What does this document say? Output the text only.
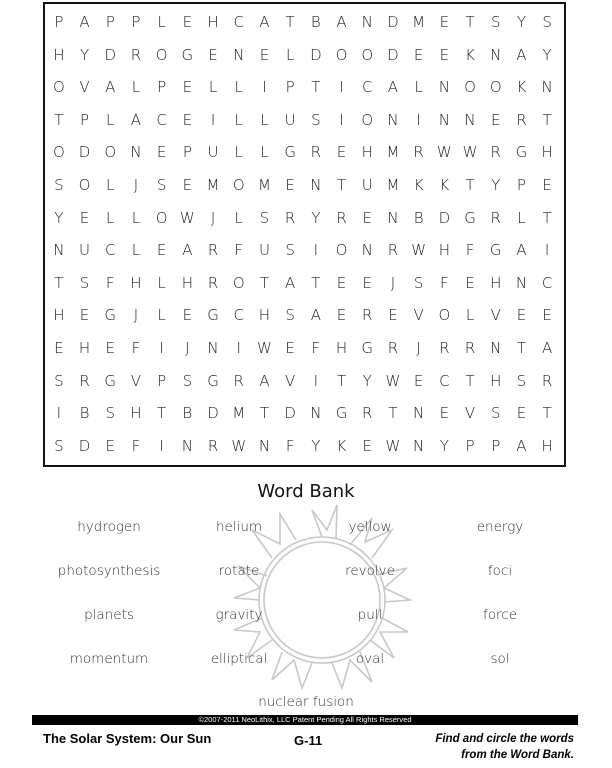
P	A	P	P	L	E	H C	A	T	B	A N D M E	T	S	Y	S
H	Y	D R O G	E	N	E	L	D O O D	E	E	K	N A	Y
O V	A	L	P	E	L	L	I	P	T	I	C	A	L	N O O K	N
T	P	L	A	C	E	I	L	L	U	S	I	O N	I	N N	E	R	T
O D O N	E	P	U	L	L	G R	E	H M R W W R G H
S	O	L	J	S	E M O M E	N	T	U M K	K	T	Y	P	E
Y	E	L	L	O W	J	L	S	R	Y	R	E	N	B	D G R	L	T
N U C	L	E	A	R	F	U	S	I	O N R W H	F	G A	I
T	S	F	H	L	H R O	T	A	T	E	E	J	S	F	E	H N C
H	E	G	J	L	E	G C H	S	A	E	R	E	V O	L	V	E	E
E	H	E	F	I	J	N	I	W E	F	H G R	J	R	R N	T	A
S	R G V	P	S	G R	A	V	I	T	Y W E	C	T	H	S	R
I	B	S	H	T	B	D M T	D N G R	T	N	E	V	S	E	T
S	D	E	F	I	N R W N	F	Y	K	E W N	Y	P	P	A H
Word Bank
hydrogen	helium	yellow	energy
photosynthesis	rotate	revolve	foci
planets	gravity	pull	force
momentum	elliptical	oval	sol
nuclear fusion
©2007-2011 NeoLithix, LLC Patent Pending All Rights Reserved
The Solar System: Our Sun	G-11	Find and circle the words
from the Word Bank.
